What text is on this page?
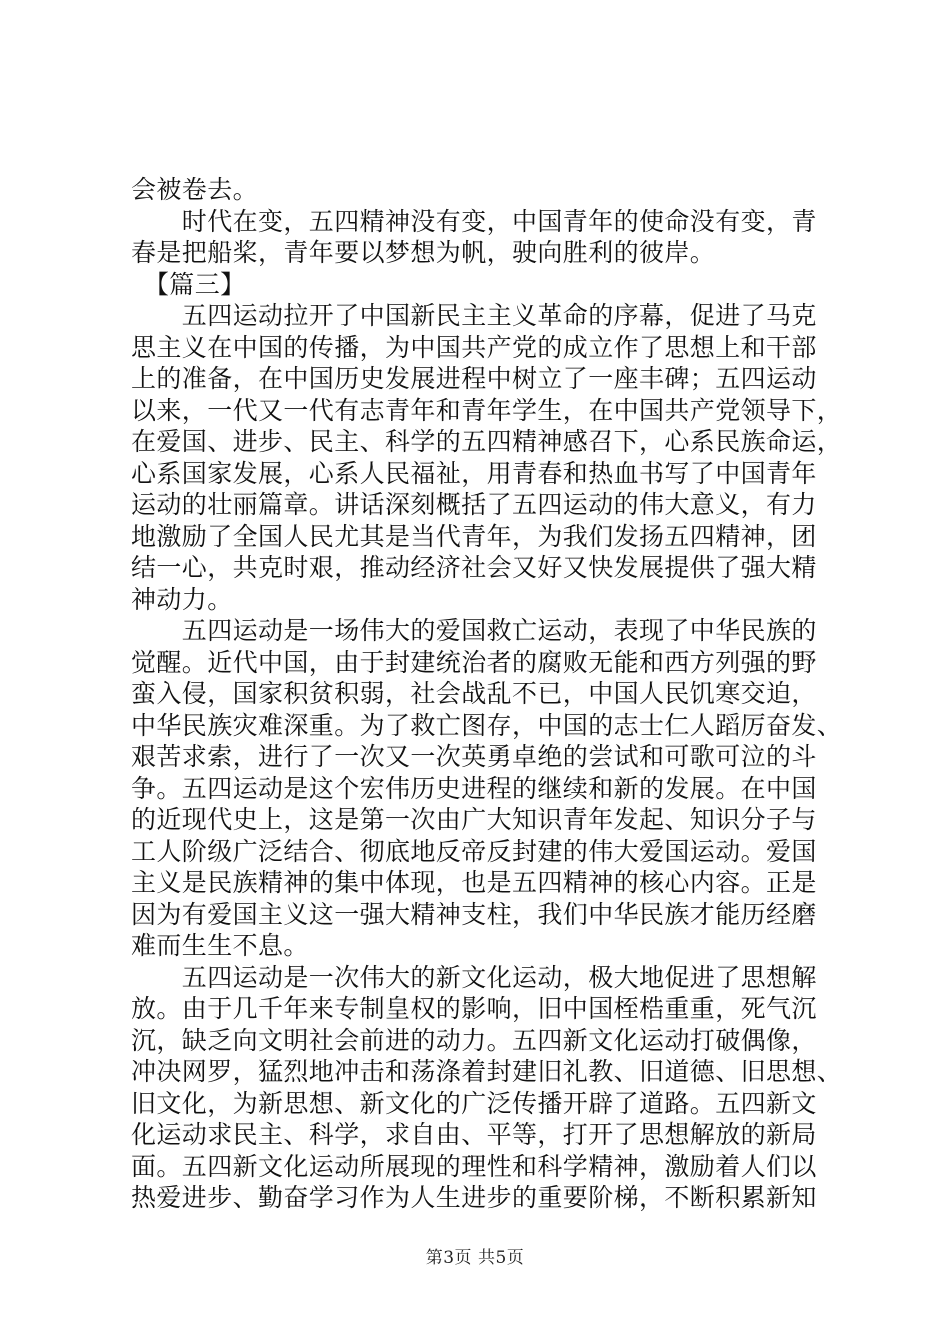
会被卷去。
　　时代在变，五四精神没有变，中国青年的使命没有变，青
春是把船桨，青年要以梦想为帆，驶向胜利的彼岸。
　【篇三】
　　五四运动拉开了中国新民主主义革命的序幕，促进了马克
思主义在中国的传播，为中国共产党的成立作了思想上和干部
上的准备，在中国历史发展进程中树立了一座丰碑；五四运动
以来，一代又一代有志青年和青年学生，在中国共产党领导下，
在爱国、进步、民主、科学的五四精神感召下，心系民族命运，
心系国家发展，心系人民福祉，用青春和热血书写了中国青年
运动的壮丽篇章。讲话深刻概括了五四运动的伟大意义，有力
地激励了全国人民尤其是当代青年，为我们发扬五四精神，团
结一心，共克时艰，推动经济社会又好又快发展提供了强大精
神动力。
　　五四运动是一场伟大的爱国救亡运动，表现了中华民族的
觉醒。近代中国，由于封建统治者的腐败无能和西方列强的野
蛮入侵，国家积贫积弱，社会战乱不已，中国人民饥寒交迫，
中华民族灾难深重。为了救亡图存，中国的志士仁人蹈厉奋发、
艰苦求索，进行了一次又一次英勇卓绝的尝试和可歌可泣的斗
争。五四运动是这个宏伟历史进程的继续和新的发展。在中国
的近现代史上，这是第一次由广大知识青年发起、知识分子与
工人阶级广泛结合、彻底地反帝反封建的伟大爱国运动。爱国
主义是民族精神的集中体现，也是五四精神的核心内容。正是
因为有爱国主义这一强大精神支柱，我们中华民族才能历经磨
难而生生不息。
　　五四运动是一次伟大的新文化运动，极大地促进了思想解
放。由于几千年来专制皇权的影响，旧中国桎梏重重，死气沉
沉，缺乏向文明社会前进的动力。五四新文化运动打破偶像，
冲决网罗，猛烈地冲击和荡涤着封建旧礼教、旧道德、旧思想、
旧文化，为新思想、新文化的广泛传播开辟了道路。五四新文
化运动求民主、科学，求自由、平等，打开了思想解放的新局
面。五四新文化运动所展现的理性和科学精神，激励着人们以
热爱进步、勤奋学习作为人生进步的重要阶梯，不断积累新知
第3页 共5页
